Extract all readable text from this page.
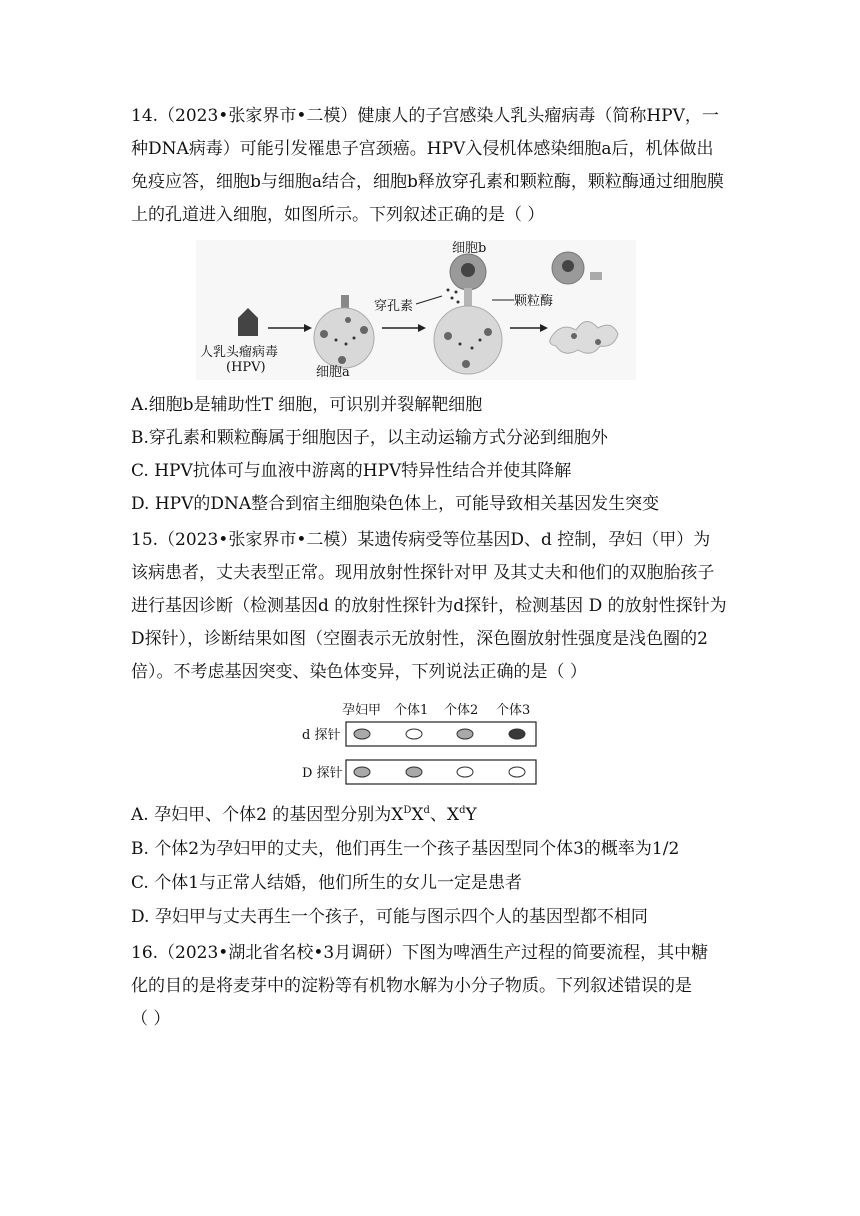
14.（2023•张家界市•二模）健康人的子宫感染人乳头瘤病毒（简称HPV，一
种DNA病毒）可能引发罹患子宫颈癌。HPV入侵机体感染细胞a后，机体做出
免疫应答，细胞b与细胞a结合，细胞b释放穿孔素和颗粒酶，颗粒酶通过细胞膜
上的孔道进入细胞，如图所示。下列叙述正确的是（ ）
人乳头瘤病毒
(HPV)	细胞a
穿孔素
细胞b
颗粒酶
A.细胞b是辅助性T 细胞，可识别并裂解靶细胞
B.穿孔素和颗粒酶属于细胞因子，以主动运输方式分泌到细胞外
C. HPV抗体可与血液中游离的HPV特异性结合并使其降解
D. HPV的DNA整合到宿主细胞染色体上，可能导致相关基因发生突变
15.（2023•张家界市•二模）某遗传病受等位基因D、d 控制，孕妇（甲）为
该病患者，丈夫表型正常。现用放射性探针对甲 及其丈夫和他们的双胞胎孩子
进行基因诊断（检测基因d 的放射性探针为d探针，检测基因 D 的放射性探针为
D探针），诊断结果如图（空圈表示无放射性，深色圈放射性强度是浅色圈的2
倍）。不考虑基因突变、染色体变异，下列说法正确的是（ ）
孕妇甲 个体1 个体2 个体3
d 探针
D 探针
A. 孕妇甲、个体2 的基因型分别为$X^DX^d$、$X^dY$
B. 个体2为孕妇甲的丈夫，他们再生一个孩子基因型同个体3的概率为1/2
C. 个体1与正常人结婚，他们所生的女儿一定是患者
D. 孕妇甲与丈夫再生一个孩子，可能与图示四个人的基因型都不相同
16.（2023•湖北省名校•3月调研）下图为啤酒生产过程的简要流程，其中糖
化的目的是将麦芽中的淀粉等有机物水解为小分子物质。下列叙述错误的是
（ ）
